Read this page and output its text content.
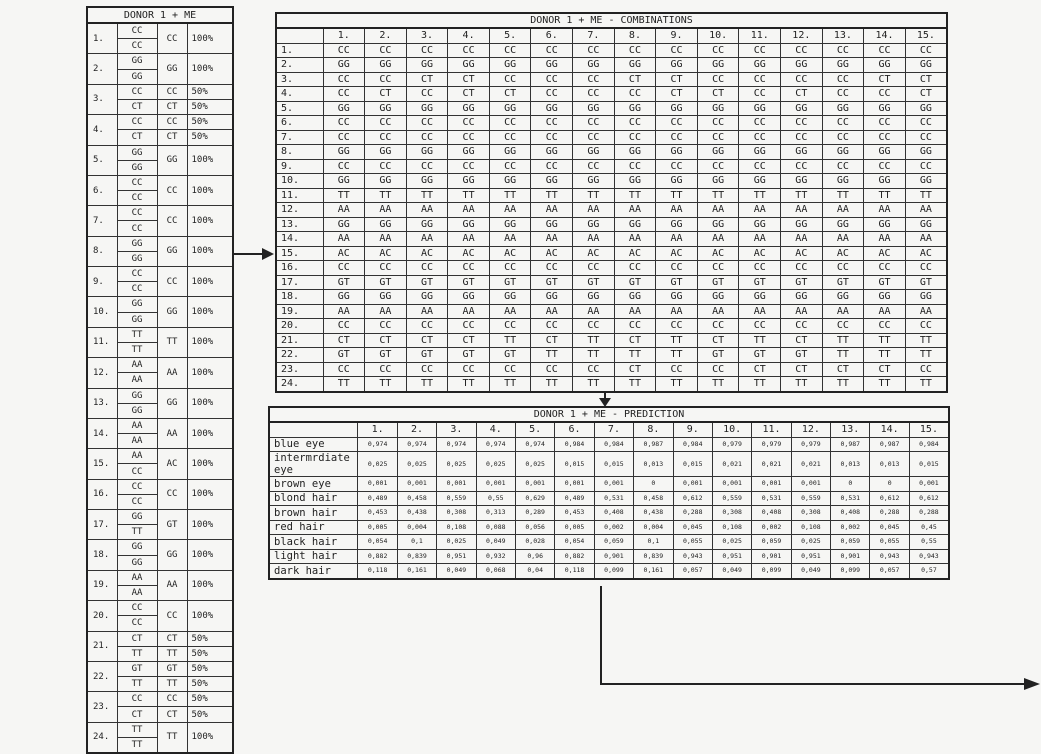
DONOR 1 + ME			
1.	CC	CC	100%
	CC		
2.	GG	GG	100%
	GG		
3.	CC	CC	50%
	CT	CT	50%
4.	CC	CC	50%
	CT	CT	50%
5.	GG	GG	100%
	GG		
6.	CC	CC	100%
	CC		
7.	CC	CC	100%
	CC		
8.	GG	GG	100%
	GG		
9.	CC	CC	100%
	CC		
10.	GG	GG	100%
	GG		
11.	TT	TT	100%
	TT		
12.	AA	AA	100%
	AA		
13.	GG	GG	100%
	GG		
14.	AA	AA	100%
	AA		
15.	AA	AC	100%
	CC		
16.	CC	CC	100%
	CC		
17.	GG	GT	100%
	TT		
18.	GG	GG	100%
	GG		
19.	AA	AA	100%
	AA		
20.	CC	CC	100%
	CC		
21.	CT	CT	50%
	TT	TT	50%
22.	GT	GT	50%
	TT	TT	50%
23.	CC	CC	50%
	CT	CT	50%
24.	TT	TT	100%
	TT		
DONOR 1 + ME - COMBINATIONS															
	1.	2.	3.	4.	5.	6.	7.	8.	9.	10.	11.	12.	13.	14.	15.
1.	CC	CC	CC	CC	CC	CC	CC	CC	CC	CC	CC	CC	CC	CC	CC
2.	GG	GG	GG	GG	GG	GG	GG	GG	GG	GG	GG	GG	GG	GG	GG
3.	CC	CC	CT	CT	CC	CC	CC	CT	CT	CC	CC	CC	CC	CT	CT
4.	CC	CT	CC	CT	CT	CC	CC	CC	CT	CT	CC	CT	CC	CC	CT
5.	GG	GG	GG	GG	GG	GG	GG	GG	GG	GG	GG	GG	GG	GG	GG
6.	CC	CC	CC	CC	CC	CC	CC	CC	CC	CC	CC	CC	CC	CC	CC
7.	CC	CC	CC	CC	CC	CC	CC	CC	CC	CC	CC	CC	CC	CC	CC
8.	GG	GG	GG	GG	GG	GG	GG	GG	GG	GG	GG	GG	GG	GG	GG
9.	CC	CC	CC	CC	CC	CC	CC	CC	CC	CC	CC	CC	CC	CC	CC
10.	GG	GG	GG	GG	GG	GG	GG	GG	GG	GG	GG	GG	GG	GG	GG
11.	TT	TT	TT	TT	TT	TT	TT	TT	TT	TT	TT	TT	TT	TT	TT
12.	AA	AA	AA	AA	AA	AA	AA	AA	AA	AA	AA	AA	AA	AA	AA
13.	GG	GG	GG	GG	GG	GG	GG	GG	GG	GG	GG	GG	GG	GG	GG
14.	AA	AA	AA	AA	AA	AA	AA	AA	AA	AA	AA	AA	AA	AA	AA
15.	AC	AC	AC	AC	AC	AC	AC	AC	AC	AC	AC	AC	AC	AC	AC
16.	CC	CC	CC	CC	CC	CC	CC	CC	CC	CC	CC	CC	CC	CC	CC
17.	GT	GT	GT	GT	GT	GT	GT	GT	GT	GT	GT	GT	GT	GT	GT
18.	GG	GG	GG	GG	GG	GG	GG	GG	GG	GG	GG	GG	GG	GG	GG
19.	AA	AA	AA	AA	AA	AA	AA	AA	AA	AA	AA	AA	AA	AA	AA
20.	CC	CC	CC	CC	CC	CC	CC	CC	CC	CC	CC	CC	CC	CC	CC
21.	CT	CT	CT	CT	TT	CT	TT	CT	TT	CT	TT	CT	TT	TT	TT
22.	GT	GT	GT	GT	GT	TT	TT	TT	TT	GT	GT	GT	TT	TT	TT
23.	CC	CC	CC	CC	CC	CC	CC	CT	CC	CC	CT	CT	CT	CT	CC
24.	TT	TT	TT	TT	TT	TT	TT	TT	TT	TT	TT	TT	TT	TT	TT
DONOR 1 + ME - PREDICTION															
	1.	2.	3.	4.	5.	6.	7.	8.	9.	10.	11.	12.	13.	14.	15.
blue eye	0,974	0,974	0,974	0,974	0,974	0,984	0,984	0,987	0,984	0,979	0,979	0,979	0,987	0,987	0,984
intermrdiate eye	0,025	0,025	0,025	0,025	0,025	0,015	0,015	0,013	0,015	0,021	0,021	0,021	0,013	0,013	0,015
brown eye	0,001	0,001	0,001	0,001	0,001	0,001	0,001	0	0,001	0,001	0,001	0,001	0	0	0,001
blond hair	0,489	0,458	0,559	0,55	0,629	0,489	0,531	0,458	0,612	0,559	0,531	0,559	0,531	0,612	0,612
brown hair	0,453	0,438	0,308	0,313	0,289	0,453	0,408	0,438	0,288	0,308	0,408	0,308	0,408	0,288	0,288
red hair	0,005	0,004	0,108	0,088	0,056	0,005	0,002	0,004	0,045	0,108	0,002	0,108	0,002	0,045	0,45
black hair	0,054	0,1	0,025	0,049	0,028	0,054	0,059	0,1	0,055	0,025	0,059	0,025	0,059	0,055	0,55
light hair	0,882	0,839	0,951	0,932	0,96	0,882	0,901	0,839	0,943	0,951	0,901	0,951	0,901	0,943	0,943
dark hair	0,118	0,161	0,049	0,068	0,04	0,118	0,099	0,161	0,057	0,049	0,099	0,049	0,099	0,057	0,57
